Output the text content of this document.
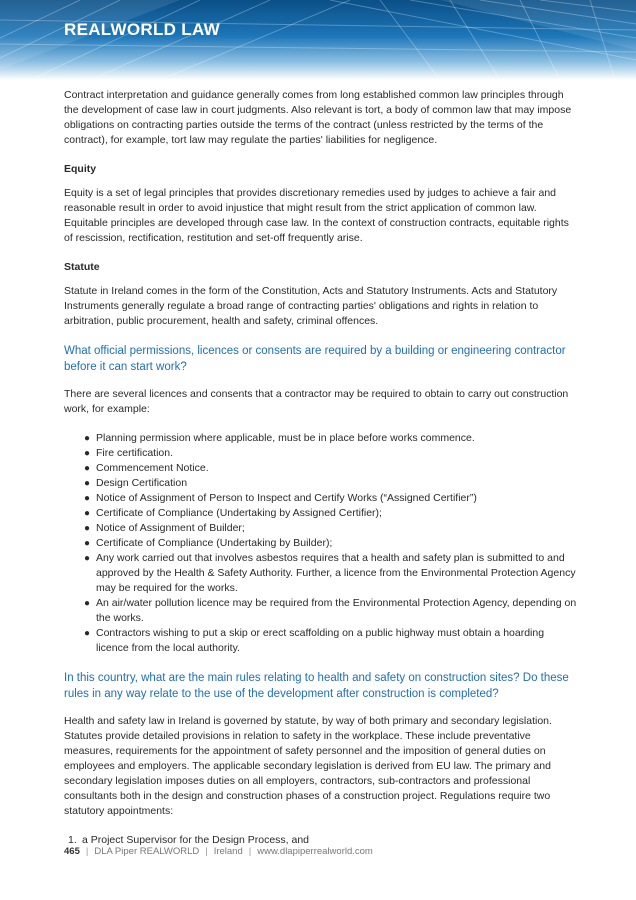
REALWORLD LAW

Contract interpretation and guidance generally comes from long established common law principles through the development of case law in court judgments. Also relevant is tort, a body of common law that may impose obligations on contracting parties outside the terms of the contract (unless restricted by the terms of the contract), for example, tort law may regulate the parties' liabilities for negligence.

Equity

Equity is a set of legal principles that provides discretionary remedies used by judges to achieve a fair and reasonable result in order to avoid injustice that might result from the strict application of common law. Equitable principles are developed through case law. In the context of construction contracts, equitable rights of rescission, rectification, restitution and set-off frequently arise.

Statute

Statute in Ireland comes in the form of the Constitution, Acts and Statutory Instruments. Acts and Statutory Instruments generally regulate a broad range of contracting parties' obligations and rights in relation to arbitration, public procurement, health and safety, criminal offences.

What official permissions, licences or consents are required by a building or engineering contractor before it can start work?

There are several licences and consents that a contractor may be required to obtain to carry out construction work, for example:

● Planning permission where applicable, must be in place before works commence.
● Fire certification.
● Commencement Notice.
● Design Certification
● Notice of Assignment of Person to Inspect and Certify Works (“Assigned Certifier”)
● Certificate of Compliance (Undertaking by Assigned Certifier);
● Notice of Assignment of Builder;
● Certificate of Compliance (Undertaking by Builder);
● Any work carried out that involves asbestos requires that a health and safety plan is submitted to and approved by the Health & Safety Authority. Further, a licence from the Environmental Protection Agency may be required for the works.
● An air/water pollution licence may be required from the Environmental Protection Agency, depending on the works.
● Contractors wishing to put a skip or erect scaffolding on a public highway must obtain a hoarding licence from the local authority.
In this country, what are the main rules relating to health and safety on construction sites? Do these rules in any way relate to the use of the development after construction is completed?

Health and safety law in Ireland is governed by statute, by way of both primary and secondary legislation. Statutes provide detailed provisions in relation to safety in the workplace. These include preventative measures, requirements for the appointment of safety personnel and the imposition of general duties on employees and employers. The applicable secondary legislation is derived from EU law. The primary and secondary legislation imposes duties on all employers, contractors, sub-contractors and professional consultants both in the design and construction phases of a construction project. Regulations require two statutory appointments:

1. a Project Supervisor for the Design Process, and
465 | DLA Piper REALWORLD | Ireland | www.dlapiperrealworld.com
